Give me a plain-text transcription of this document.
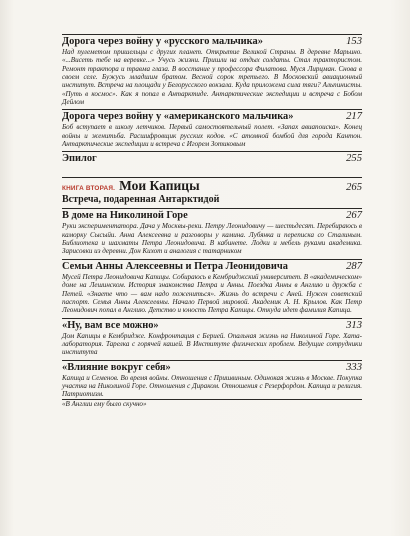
Дорога через войну у «русского мальчика»	153
Над пулеметом пришельцы с других планет. Открытие Великой Страны. В деревне Марьино. «...Висеть тебе на веревке...» Учусь жизни. Пришли на отдых солдаты. Стал трактористом. Ремонт трактора и травма глаза. В восстание у профессора Филатова. Муся Лирцман. Снова в своем селе. Бужусь младшим братом. Весной сорок третьего. В Московский авиационный институт. Встреча на площади у Белорусского вокзала. Куда приложена сила тяги? Альпинисты. «Путь в космос». Как я попал в Антарктиде. Антарктические экспедиции и встреча с Бобом Дейлом
Дорога через войну у «американского мальчика»	217
Боб вступает в школу летчиков. Первый самостоятельный полет. «Запах авиапоиска». Конец войны и женитьба. Расшифровщик русских кодов. «С атомной бомбой для города Кантон. Антарктические экспедиции и встреча с Игорем Зотиковым
Эпилог	255
КНИГА ВТОРАЯ. Мои Капицы	265
Встреча, подаренная Антарктидой
В доме на Николиной Горе	267
Руки экспериментатора. Дача у Москвы-реки. Петру Леонидовичу — шестьдесят. Перебираюсь в каморку Сысыйи. Анна Алексеевна и разговоры у камина. Лубянка и переписка со Сталиным. Библиотека и шахматы Петра Леонидовича. В кабинете. Лодки и мебель руками академика. Зарисовки из деревни. Дон Кихот и аналогия с татарником
Семьи Анны Алексеевны и Петра Леонидовича	287
Мусей Петра Леонидовича Капицы. Собираюсь в Кембриджский университет. В «академическом» доме на Лешинском. История знакомства Петра и Анны. Поездка Анны в Англию и дружба с Петей. «Знаете что — вам надо пожениться». Жизнь до встречи с Аней. Нужен советский паспорт. Семья Анны Алексеевны. Начало Первой мировой. Академик А. Н. Крылов. Как Петр Леонидович попал в Англию. Детство и юность Петра Капицы. Откуда идет фамилия Капица.
«Ну, вам все можно»	313
Дом Капицы в Кембридже. Конфронтация с Берией. Опальная жизнь на Николиной Горе. Хата-лаборатория. Тарелка с горячей кашей. В Институте физических проблем. Ведущие сотрудники института
«Влияние вокруг себя»	333
Капица и Семенов. Во время войны. Отношения с Пришвиным. Одинокая жизнь в Москве. Покупка участка на Николиной Горе. Отношения с Дираком. Отношения с Резерфордом. Капица и религия. Патриотизм.
«В Англии ему было скучно»
